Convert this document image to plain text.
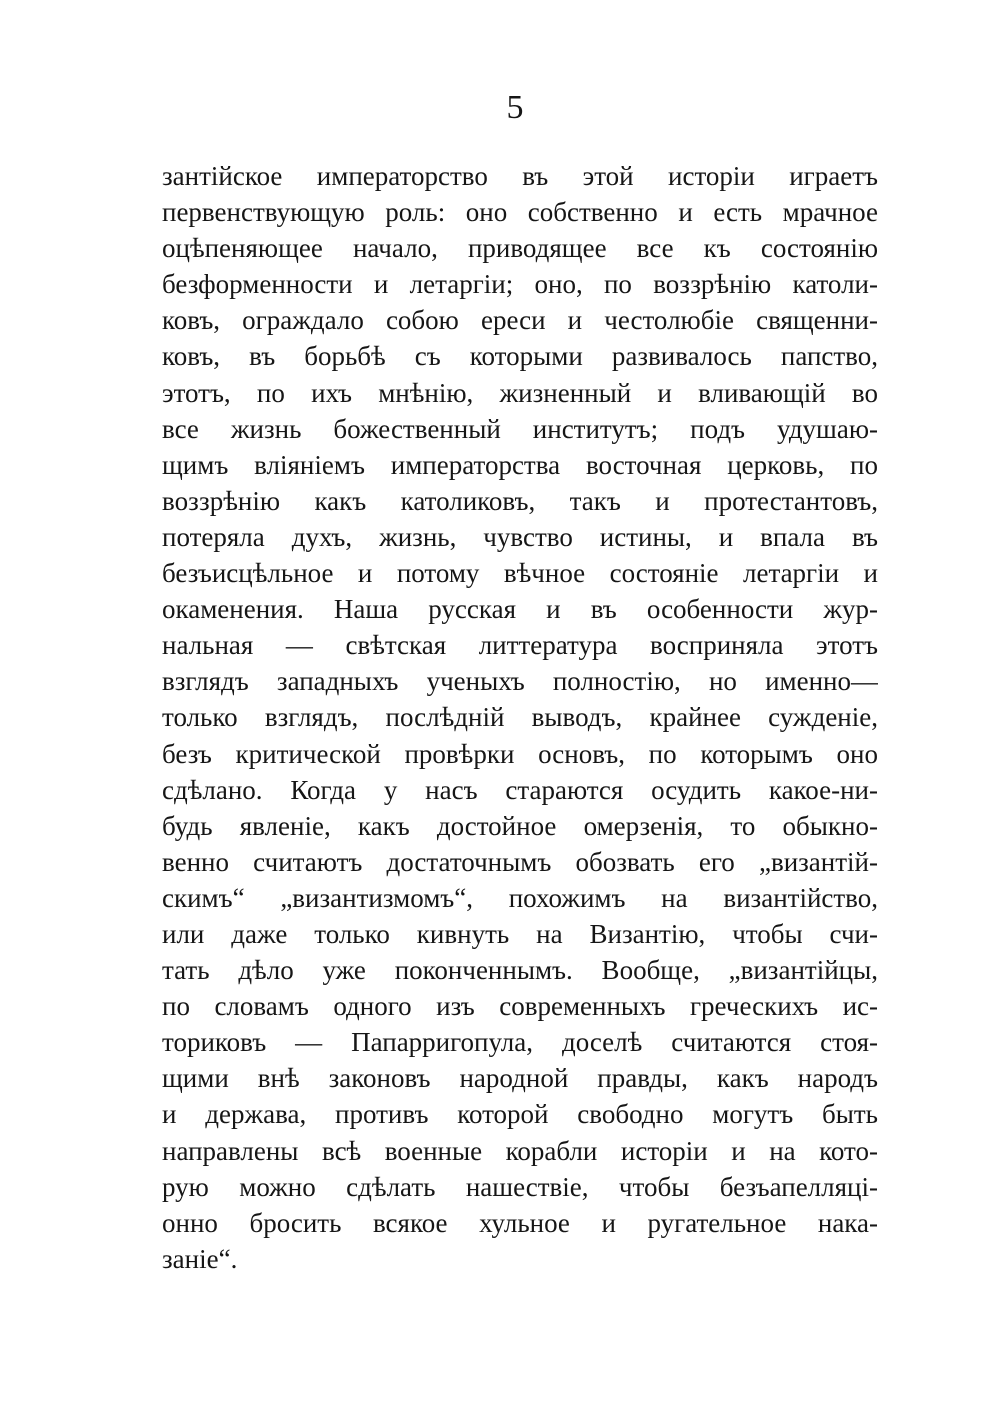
5
зантійское императорство въ этой исторіи играетъ
первенствующую роль: оно собственно и есть мрачное
оцѣпеняющее начало, приводящее все къ состоянію
безформенности и летаргіи; оно, по воззрѣнію католи-
ковъ, ограждало собою ереси и честолюбіе священни-
ковъ, въ борьбѣ съ которыми развивалось папство,
этотъ, по ихъ мнѣнію, жизненный и вливающій во
все жизнь божественный институтъ; подъ удушаю-
щимъ вліяніемъ императорства восточная церковь, по
воззрѣнію какъ католиковъ, такъ и протестантовъ,
потеряла духъ, жизнь, чувство истины, и впала въ
безъисцѣльное и потому вѣчное состояніе летаргіи и
окаменения. Наша русская и въ особенности жур-
нальная — свѣтская литтература восприняла этотъ
взглядъ западныхъ ученыхъ полностію, но именно—
только взглядъ, послѣдній выводъ, крайнее сужденіе,
безъ критической провѣрки основъ, по которымъ оно
сдѣлано. Когда у насъ стараются осудить какое-ни-
будь явленіе, какъ достойное омерзенія, то обыкно-
венно считаютъ достаточнымъ обозвать его „византій-
скимъ“ „византизмомъ“, похожимъ на византійство,
или даже только кивнуть на Византію, чтобы счи-
тать дѣло уже поконченнымъ. Вообще, „византійцы,
по словамъ одного изъ современныхъ греческихъ ис-
ториковъ — Папарригопула, доселѣ считаются стоя-
щими внѣ законовъ народной правды, какъ народъ
и держава, противъ которой свободно могутъ быть
направлены всѣ военные корабли исторіи и на кото-
рую можно сдѣлать нашествіе, чтобы безъапелляці-
онно бросить всякое хульное и ругательное нака-
заніе“.
